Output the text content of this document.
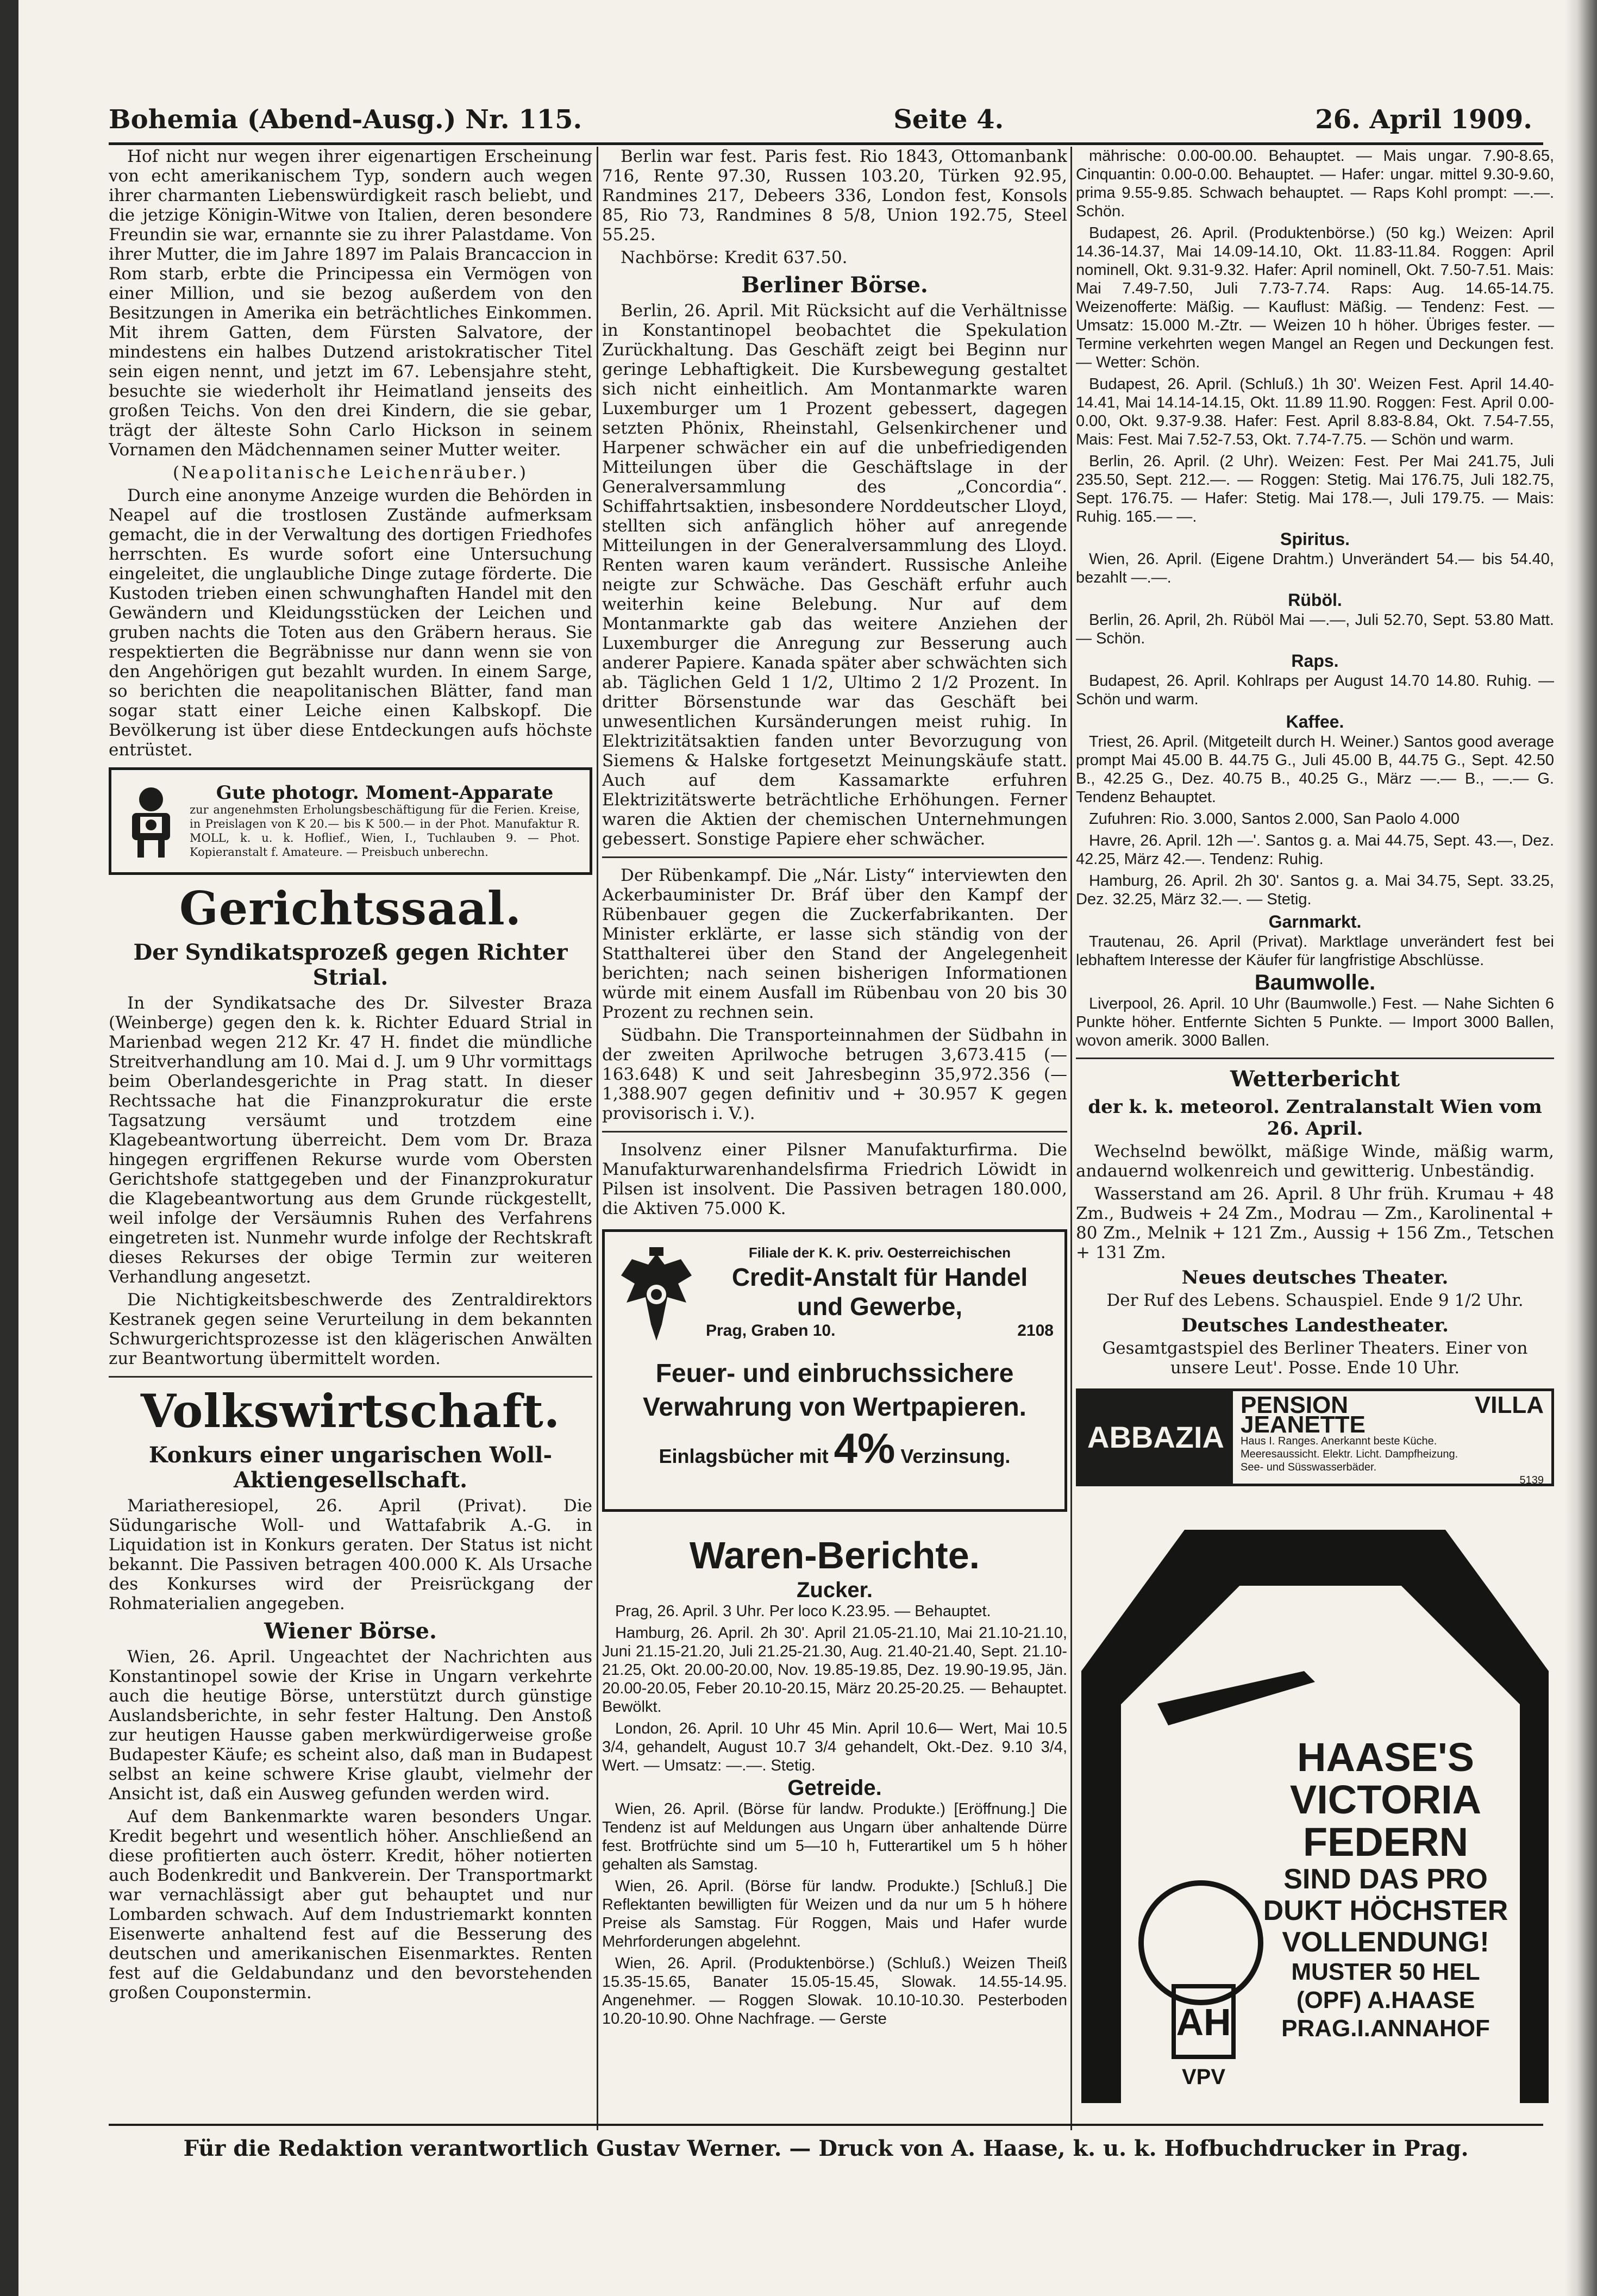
Bohemia (Abend-Ausg.) Nr. 115.	Seite 4.	26. April 1909.

Hof nicht nur wegen ihrer eigenartigen Erscheinung von echt amerikanischem Typ, sondern auch wegen ihrer charmanten Liebenswürdigkeit rasch beliebt, und die jetzige Königin-Witwe von Italien, deren besondere Freundin sie war, ernannte sie zu ihrer Palastdame. Von ihrer Mutter, die im Jahre 1897 im Palais Brancaccion in Rom starb, erbte die Principessa ein Vermögen von einer Million, und sie bezog außerdem von den Besitzungen in Amerika ein beträchtliches Einkommen. Mit ihrem Gatten, dem Fürsten Salvatore, der mindestens ein halbes Dutzend aristokratischer Titel sein eigen nennt, und jetzt im 67. Lebensjahre steht, besuchte sie wiederholt ihr Heimatland jenseits des großen Teichs. Von den drei Kindern, die sie gebar, trägt der älteste Sohn Carlo Hickson in seinem Vornamen den Mädchennamen seiner Mutter weiter.

(Neapolitanische Leichenräuber.)

Durch eine anonyme Anzeige wurden die Behörden in Neapel auf die trostlosen Zustände aufmerksam gemacht, die in der Verwaltung des dortigen Friedhofes herrschten. Es wurde sofort eine Untersuchung eingeleitet, die unglaubliche Dinge zutage förderte. Die Kustoden trieben einen schwunghaften Handel mit den Gewändern und Kleidungsstücken der Leichen und gruben nachts die Toten aus den Gräbern heraus. Sie respektierten die Begräbnisse nur dann wenn sie von den Angehörigen gut bezahlt wurden. In einem Sarge, so berichten die neapolitanischen Blätter, fand man sogar statt einer Leiche einen Kalbskopf. Die Bevölkerung ist über diese Entdeckungen aufs höchste entrüstet.

Gute photogr. Moment-Apparate
zur angenehmsten Erholungsbeschäftigung für die Ferien. Kreise, in Preislagen von K 20.— bis K 500.— in der Phot. Manufaktur R. MOLL, k. u. k. Hoflief., Wien, I., Tuchlauben 9. — Phot. Kopieranstalt f. Amateure. — Preisbuch unberechn.
Gerichtssaal.
Der Syndikatsprozeß gegen Richter Strial.

In der Syndikatsache des Dr. Silvester Braza (Weinberge) gegen den k. k. Richter Eduard Strial in Marienbad wegen 212 Kr. 47 H. findet die mündliche Streitverhandlung am 10. Mai d. J. um 9 Uhr vormittags beim Oberlandesgerichte in Prag statt. In dieser Rechtssache hat die Finanzprokuratur die erste Tagsatzung versäumt und trotzdem eine Klagebeantwortung überreicht. Dem vom Dr. Braza hingegen ergriffenen Rekurse wurde vom Obersten Gerichtshofe stattgegeben und der Finanzprokuratur die Klagebeantwortung aus dem Grunde rückgestellt, weil infolge der Versäumnis Ruhen des Verfahrens eingetreten ist. Nunmehr wurde infolge der Rechtskraft dieses Rekurses der obige Termin zur weiteren Verhandlung angesetzt.

Die Nichtigkeitsbeschwerde des Zentraldirektors Kestranek gegen seine Verurteilung in dem bekannten Schwurgerichtsprozesse ist den klägerischen Anwälten zur Beantwortung übermittelt worden.

Volkswirtschaft.
Konkurs einer ungarischen Woll-Aktiengesellschaft.

Mariatheresiopel, 26. April (Privat). Die Südungarische Woll- und Wattafabrik A.-G. in Liquidation ist in Konkurs geraten. Der Status ist nicht bekannt. Die Passiven betragen 400.000 K. Als Ursache des Konkurses wird der Preisrückgang der Rohmaterialien angegeben.

Wiener Börse.

Wien, 26. April. Ungeachtet der Nachrichten aus Konstantinopel sowie der Krise in Ungarn verkehrte auch die heutige Börse, unterstützt durch günstige Auslandsberichte, in sehr fester Haltung. Den Anstoß zur heutigen Hausse gaben merkwürdigerweise große Budapester Käufe; es scheint also, daß man in Budapest selbst an keine schwere Krise glaubt, vielmehr der Ansicht ist, daß ein Ausweg gefunden werden wird.

Auf dem Bankenmarkte waren besonders Ungar. Kredit begehrt und wesentlich höher. Anschließend an diese profitierten auch österr. Kredit, höher notierten auch Bodenkredit und Bankverein. Der Transportmarkt war vernachlässigt aber gut behauptet und nur Lombarden schwach. Auf dem Industriemarkt konnten Eisenwerte anhaltend fest auf die Besserung des deutschen und amerikanischen Eisenmarktes. Renten fest auf die Geldabundanz und den bevorstehenden großen Couponstermin.

Berlin war fest. Paris fest. Rio 1843, Ottomanbank 716, Rente 97.30, Russen 103.20, Türken 92.95, Randmines 217, Debeers 336, London fest, Konsols 85, Rio 73, Randmines 8 5/8, Union 192.75, Steel 55.25.

Nachbörse: Kredit 637.50.

Berliner Börse.

Berlin, 26. April. Mit Rücksicht auf die Verhältnisse in Konstantinopel beobachtet die Spekulation Zurückhaltung. Das Geschäft zeigt bei Beginn nur geringe Lebhaftigkeit. Die Kursbewegung gestaltet sich nicht einheitlich. Am Montanmarkte waren Luxemburger um 1 Prozent gebessert, dagegen setzten Phönix, Rheinstahl, Gelsenkirchener und Harpener schwächer ein auf die unbefriedigenden Mitteilungen über die Geschäftslage in der Generalversammlung des „Concordia“. Schiffahrtsaktien, insbesondere Norddeutscher Lloyd, stellten sich anfänglich höher auf anregende Mitteilungen in der Generalversammlung des Lloyd. Renten waren kaum verändert. Russische Anleihe neigte zur Schwäche. Das Geschäft erfuhr auch weiterhin keine Belebung. Nur auf dem Montanmarkte gab das weitere Anziehen der Luxemburger die Anregung zur Besserung auch anderer Papiere. Kanada später aber schwächten sich ab. Täglichen Geld 1 1/2, Ultimo 2 1/2 Prozent. In dritter Börsenstunde war das Geschäft bei unwesentlichen Kursänderungen meist ruhig. In Elektrizitätsaktien fanden unter Bevorzugung von Siemens & Halske fortgesetzt Meinungskäufe statt. Auch auf dem Kassamarkte erfuhren Elektrizitätswerte beträchtliche Erhöhungen. Ferner waren die Aktien der chemischen Unternehmungen gebessert. Sonstige Papiere eher schwächer.

Der Rübenkampf. Die „Nár. Listy“ interviewten den Ackerbauminister Dr. Bráf über den Kampf der Rübenbauer gegen die Zuckerfabrikanten. Der Minister erklärte, er lasse sich ständig von der Statthalterei über den Stand der Angelegenheit berichten; nach seinen bisherigen Informationen würde mit einem Ausfall im Rübenbau von 20 bis 30 Prozent zu rechnen sein.

Südbahn. Die Transporteinnahmen der Südbahn in der zweiten Aprilwoche betrugen 3,673.415 (— 163.648) K und seit Jahresbeginn 35,972.356 (— 1,388.907 gegen definitiv und + 30.957 K gegen provisorisch i. V.).

Insolvenz einer Pilsner Manufakturfirma. Die Manufakturwarenhandelsfirma Friedrich Löwidt in Pilsen ist insolvent. Die Passiven betragen 180.000, die Aktiven 75.000 K.

Filiale der K. K. priv. Oesterreichischen
Credit-Anstalt für Handel und Gewerbe,
Prag, Graben 10.	2108
Feuer- und einbruchssichere Verwahrung von Wertpapieren.
Einlagsbücher mit 4% Verzinsung.
Waren-Berichte.
Zucker.

Prag, 26. April. 3 Uhr. Per loco K.23.95. — Behauptet.

Hamburg, 26. April. 2h 30'. April 21.05-21.10, Mai 21.10-21.10, Juni 21.15-21.20, Juli 21.25-21.30, Aug. 21.40-21.40, Sept. 21.10-21.25, Okt. 20.00-20.00, Nov. 19.85-19.85, Dez. 19.90-19.95, Jän. 20.00-20.05, Feber 20.10-20.15, März 20.25-20.25. — Behauptet. Bewölkt.

London, 26. April. 10 Uhr 45 Min. April 10.6— Wert, Mai 10.5 3/4, gehandelt, August 10.7 3/4 gehandelt, Okt.-Dez. 9.10 3/4, Wert. — Umsatz: —.—. Stetig.

Getreide.

Wien, 26. April. (Börse für landw. Produkte.) [Eröffnung.] Die Tendenz ist auf Meldungen aus Ungarn über anhaltende Dürre fest. Brotfrüchte sind um 5—10 h, Futterartikel um 5 h höher gehalten als Samstag.

Wien, 26. April. (Börse für landw. Produkte.) [Schluß.] Die Reflektanten bewilligten für Weizen und da nur um 5 h höhere Preise als Samstag. Für Roggen, Mais und Hafer wurde Mehrforderungen abgelehnt.

Wien, 26. April. (Produktenbörse.) (Schluß.) Weizen Theiß 15.35-15.65, Banater 15.05-15.45, Slowak. 14.55-14.95. Angenehmer. — Roggen Slowak. 10.10-10.30. Pesterboden 10.20-10.90. Ohne Nachfrage. — Gerste

mährische: 0.00-00.00. Behauptet. — Mais ungar. 7.90-8.65, Cinquantin: 0.00-0.00. Behauptet. — Hafer: ungar. mittel 9.30-9.60, prima 9.55-9.85. Schwach behauptet. — Raps Kohl prompt: —.—. Schön.

Budapest, 26. April. (Produktenbörse.) (50 kg.) Weizen: April 14.36-14.37, Mai 14.09-14.10, Okt. 11.83-11.84. Roggen: April nominell, Okt. 9.31-9.32. Hafer: April nominell, Okt. 7.50-7.51. Mais: Mai 7.49-7.50, Juli 7.73-7.74. Raps: Aug. 14.65-14.75. Weizenofferte: Mäßig. — Kauflust: Mäßig. — Tendenz: Fest. — Umsatz: 15.000 M.-Ztr. — Weizen 10 h höher. Übriges fester. — Termine verkehrten wegen Mangel an Regen und Deckungen fest. — Wetter: Schön.

Budapest, 26. April. (Schluß.) 1h 30'. Weizen Fest. April 14.40-14.41, Mai 14.14-14.15, Okt. 11.89 11.90. Roggen: Fest. April 0.00-0.00, Okt. 9.37-9.38. Hafer: Fest. April 8.83-8.84, Okt. 7.54-7.55, Mais: Fest. Mai 7.52-7.53, Okt. 7.74-7.75. — Schön und warm.

Berlin, 26. April. (2 Uhr). Weizen: Fest. Per Mai 241.75, Juli 235.50, Sept. 212.—. — Roggen: Stetig. Mai 176.75, Juli 182.75, Sept. 176.75. — Hafer: Stetig. Mai 178.—, Juli 179.75. — Mais: Ruhig. 165.— —.

Spiritus.

Wien, 26. April. (Eigene Drahtm.) Unverändert 54.— bis 54.40, bezahlt —.—.

Rüböl.

Berlin, 26. April, 2h. Rüböl Mai —.—, Juli 52.70, Sept. 53.80 Matt. — Schön.

Raps.

Budapest, 26. April. Kohlraps per August 14.70 14.80. Ruhig. — Schön und warm.

Kaffee.

Triest, 26. April. (Mitgeteilt durch H. Weiner.) Santos good average prompt Mai 45.00 B. 44.75 G., Juli 45.00 B, 44.75 G., Sept. 42.50 B., 42.25 G., Dez. 40.75 B., 40.25 G., März —.— B., —.— G. Tendenz Behauptet.

Zufuhren: Rio. 3.000, Santos 2.000, San Paolo 4.000

Havre, 26. April. 12h —'. Santos g. a. Mai 44.75, Sept. 43.—, Dez. 42.25, März 42.—. Tendenz: Ruhig.

Hamburg, 26. April. 2h 30'. Santos g. a. Mai 34.75, Sept. 33.25, Dez. 32.25, März 32.—. — Stetig.

Garnmarkt.

Trautenau, 26. April (Privat). Marktlage unverändert fest bei lebhaftem Interesse der Käufer für langfristige Abschlüsse.

Baumwolle.

Liverpool, 26. April. 10 Uhr (Baumwolle.) Fest. — Nahe Sichten 6 Punkte höher. Entfernte Sichten 5 Punkte. — Import 3000 Ballen, wovon amerik. 3000 Ballen.

Wetterbericht
der k. k. meteorol. Zentralanstalt Wien vom 26. April.

Wechselnd bewölkt, mäßige Winde, mäßig warm, andauernd wolkenreich und gewitterig. Unbeständig.

Wasserstand am 26. April. 8 Uhr früh. Krumau + 48 Zm., Budweis + 24 Zm., Modrau — Zm., Karolinental + 80 Zm., Melnik + 121 Zm., Aussig + 156 Zm., Tetschen + 131 Zm.

Neues deutsches Theater.

Der Ruf des Lebens. Schauspiel. Ende 9 1/2 Uhr.

Deutsches Landestheater.

Gesamtgastspiel des Berliner Theaters. Einer von unsere Leut'. Posse. Ende 10 Uhr.

ABBAZIA
PENSION VILLA JEANETTE
Haus I. Ranges. Anerkannt beste Küche.
Meeresaussicht. Elektr. Licht. Dampfheizung.
See- und Süsswasserbäder.
5139
AH
VPV
HAASE'S
VICTORIA
FEDERN
SIND DAS PRO
DUKT HÖCHSTER
VOLLENDUNG!
MUSTER 50 HEL
(OPF) A.HAASE
PRAG.I.ANNAHOF
Für die Redaktion verantwortlich Gustav Werner. — Druck von A. Haase, k. u. k. Hofbuchdrucker in Prag.
